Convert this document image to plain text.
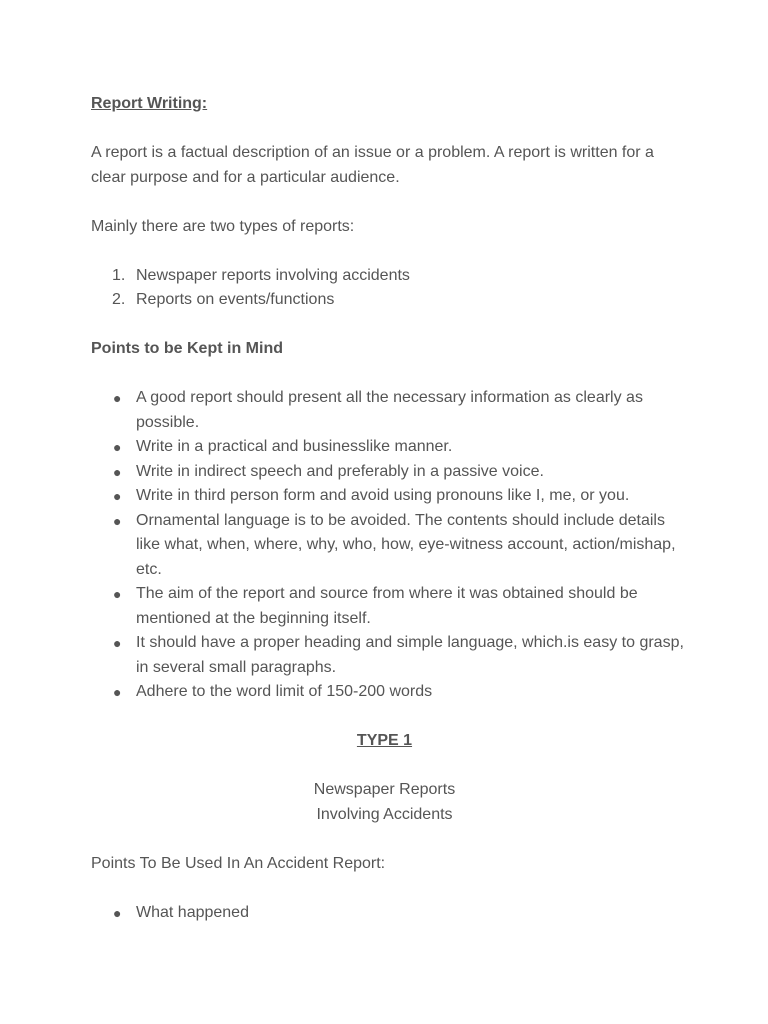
Report Writing:

A report is a factual description of an issue or a problem. A report is written for a clear purpose and for a particular audience.

Mainly there are two types of reports:

1. Newspaper reports involving accidents
2. Reports on events/functions

Points to be Kept in Mind

● A good report should present all the necessary information as clearly as possible.
● Write in a practical and businesslike manner.
● Write in indirect speech and preferably in a passive voice.
● Write in third person form and avoid using pronouns like I, me, or you.
● Ornamental language is to be avoided. The contents should include details like what, when, where, why, who, how, eye-witness account, action/mishap, etc.
● The aim of the report and source from where it was obtained should be mentioned at the beginning itself.
● It should have a proper heading and simple language, which.is easy to grasp, in several small paragraphs.
● Adhere to the word limit of 150-200 words

TYPE 1

Newspaper Reports

Involving Accidents

Points To Be Used In An Accident Report:

● What happened
